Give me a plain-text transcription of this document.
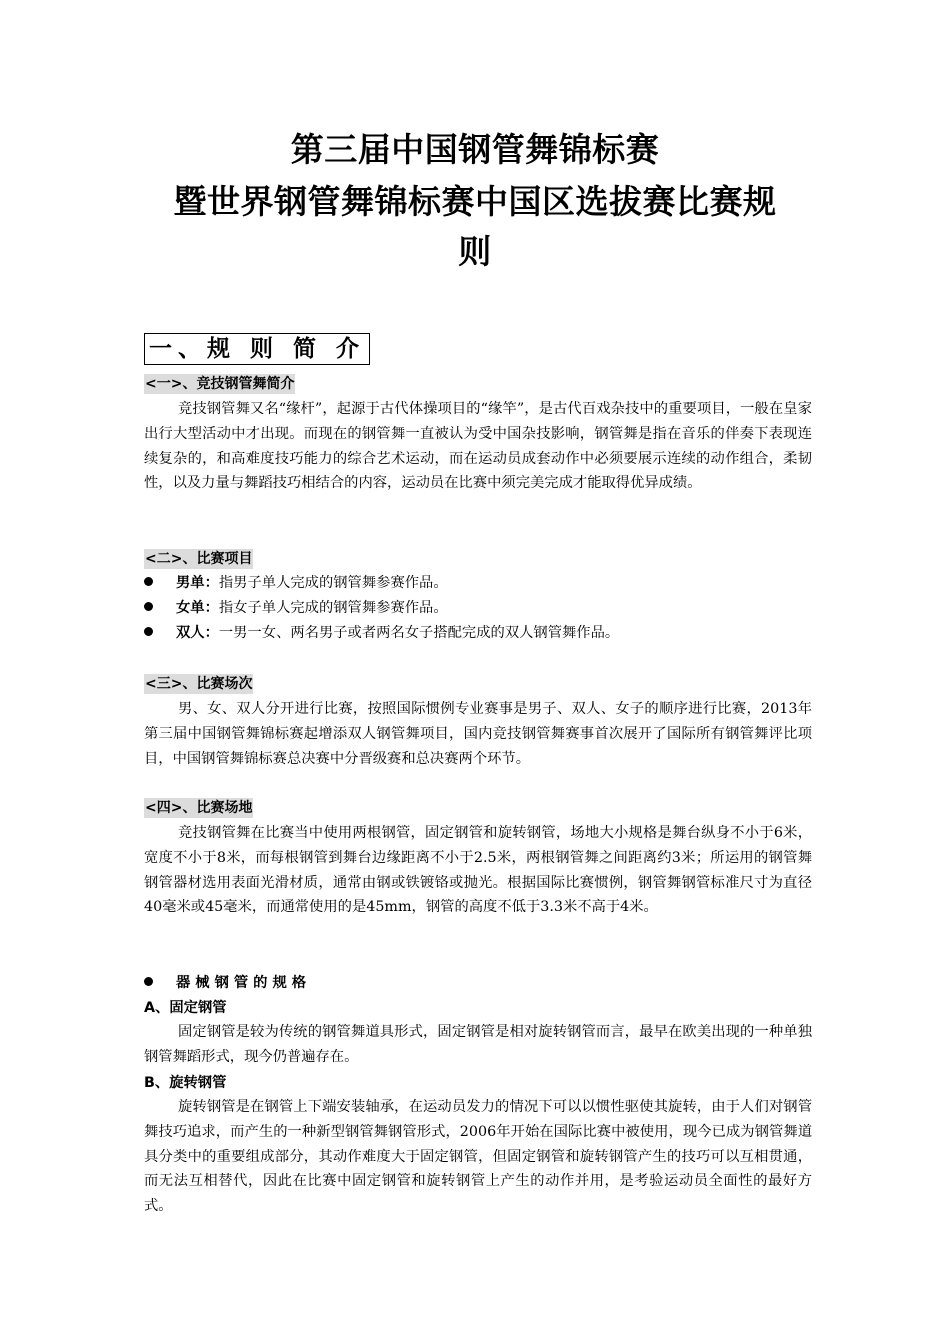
第三届中国钢管舞锦标赛
暨世界钢管舞锦标赛中国区选拔赛比赛规
则
一、规 则 简 介
<一>、竞技钢管舞简介

竞技钢管舞又名“缘杆”，起源于古代体操项目的“缘竿”，是古代百戏杂技中的重要项目，一般在皇家出行大型活动中才出现。而现在的钢管舞一直被认为受中国杂技影响，钢管舞是指在音乐的伴奏下表现连续复杂的，和高难度技巧能力的综合艺术运动，而在运动员成套动作中必须要展示连续的动作组合，柔韧性，以及力量与舞蹈技巧相结合的内容，运动员在比赛中须完美完成才能取得优异成绩。

<二>、比赛项目
男单：指男子单人完成的钢管舞参赛作品。
女单：指女子单人完成的钢管舞参赛作品。
双人：一男一女、两名男子或者两名女子搭配完成的双人钢管舞作品。
<三>、比赛场次

男、女、双人分开进行比赛，按照国际惯例专业赛事是男子、双人、女子的顺序进行比赛，2013年第三届中国钢管舞锦标赛起增添双人钢管舞项目，国内竞技钢管舞赛事首次展开了国际所有钢管舞评比项目，中国钢管舞锦标赛总决赛中分晋级赛和总决赛两个环节。

<四>、比赛场地

竞技钢管舞在比赛当中使用两根钢管，固定钢管和旋转钢管，场地大小规格是舞台纵身不小于6米，宽度不小于8米，而每根钢管到舞台边缘距离不小于2.5米，两根钢管舞之间距离约3米；所运用的钢管舞钢管器材选用表面光滑材质，通常由钢或铁镀铬或抛光。根据国际比赛惯例，钢管舞钢管标准尺寸为直径40毫米或45毫米，而通常使用的是45mm，钢管的高度不低于3.3米不高于4米。

器械钢管的规格
A、固定钢管

固定钢管是较为传统的钢管舞道具形式，固定钢管是相对旋转钢管而言，最早在欧美出现的一种单独钢管舞蹈形式，现今仍普遍存在。

B、旋转钢管

旋转钢管是在钢管上下端安装轴承，在运动员发力的情况下可以以惯性驱使其旋转，由于人们对钢管舞技巧追求，而产生的一种新型钢管舞钢管形式，2006年开始在国际比赛中被使用，现今已成为钢管舞道具分类中的重要组成部分，其动作难度大于固定钢管，但固定钢管和旋转钢管产生的技巧可以互相贯通，而无法互相替代，因此在比赛中固定钢管和旋转钢管上产生的动作并用，是考验运动员全面性的最好方式。
